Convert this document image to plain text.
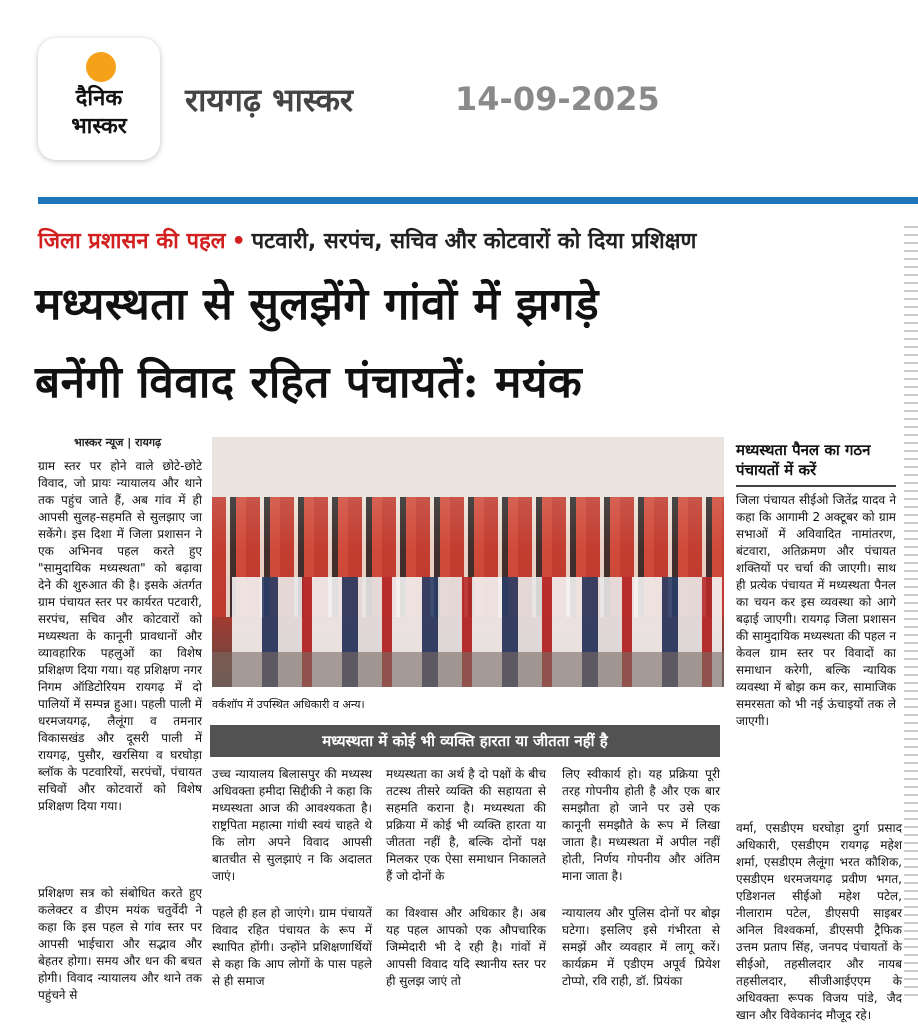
दैनिक
भास्कर
रायगढ़ भास्कर	14-09-2025
जिला प्रशासन की पहल • पटवारी, सरपंच, सचिव और कोटवारों को दिया प्रशिक्षण
मध्यस्थता से सुलझेंगे गांवों में झगड़े
बनेंगी विवाद रहित पंचायतें: मयंक
भास्कर न्यूज | रायगढ़
ग्राम स्तर पर होने वाले छोटे-छोटे विवाद, जो प्रायः न्यायालय और थाने तक पहुंच जाते हैं, अब गांव में ही आपसी सुलह-सहमति से सुलझाए जा सकेंगे। इस दिशा में जिला प्रशासन ने एक अभिनव पहल करते हुए "सामुदायिक मध्यस्थता" को बढ़ावा देने की शुरुआत की है। इसके अंतर्गत ग्राम पंचायत स्तर पर कार्यरत पटवारी, सरपंच, सचिव और कोटवारों को मध्यस्थता के कानूनी प्रावधानों और व्यावहारिक पहलुओं का विशेष प्रशिक्षण दिया गया। यह प्रशिक्षण नगर निगम ऑडिटोरियम रायगढ़ में दो पालियों में सम्पन्न हुआ। पहली पाली में धरमजयगढ़, लैलूंगा व तमनार विकासखंड और दूसरी पाली में रायगढ़, पुसौर, खरसिया व घरघोड़ा ब्लॉक के पटवारियों, सरपंचों, पंचायत सचिवों और कोटवारों को विशेष प्रशिक्षण दिया गया।
प्रशिक्षण सत्र को संबोधित करते हुए कलेक्टर व डीएम मयंक चतुर्वेदी ने कहा कि इस पहल से गांव स्तर पर आपसी भाईचारा और सद्भाव और बेहतर होगा। समय और धन की बचत होगी। विवाद न्यायालय और थाने तक पहुंचने से
वर्कशॉप में उपस्थित अधिकारी व अन्य।
मध्यस्थता में कोई भी व्यक्ति हारता या जीतता नहीं है
उच्च न्यायालय बिलासपुर की मध्यस्थ अधिवक्ता हमीदा सिद्दीकी ने कहा कि मध्यस्थता आज की आवश्यकता है। राष्ट्रपिता महात्मा गांधी स्वयं चाहते थे कि लोग अपने विवाद आपसी बातचीत से सुलझाएं न कि अदालत जाएं।
मध्यस्थता का अर्थ है दो पक्षों के बीच तटस्थ तीसरे व्यक्ति की सहायता से सहमति कराना है। मध्यस्थता की प्रक्रिया में कोई भी व्यक्ति हारता या जीतता नहीं है, बल्कि दोनों पक्ष मिलकर एक ऐसा समाधान निकालते हैं जो दोनों के
लिए स्वीकार्य हो। यह प्रक्रिया पूरी तरह गोपनीय होती है और एक बार समझौता हो जाने पर उसे एक कानूनी समझौते के रूप में लिखा जाता है। मध्यस्थता में अपील नहीं होती, निर्णय गोपनीय और अंतिम माना जाता है।
पहले ही हल हो जाएंगे। ग्राम पंचायतें विवाद रहित पंचायत के रूप में स्थापित होंगी। उन्होंने प्रशिक्षणार्थियों से कहा कि आप लोगों के पास पहले से ही समाज
का विश्वास और अधिकार है। अब यह पहल आपको एक औपचारिक जिम्मेदारी भी दे रही है। गांवों में आपसी विवाद यदि स्थानीय स्तर पर ही सुलझ जाएं तो
न्यायालय और पुलिस दोनों पर बोझ घटेगा। इसलिए इसे गंभीरता से समझें और व्यवहार में लागू करें। कार्यक्रम में एडीएम अपूर्व प्रियेश टोप्पो, रवि राही, डॉ. प्रियंका
मध्यस्थता पैनल का गठन पंचायतों में करें
जिला पंचायत सीईओ जितेंद्र यादव ने कहा कि आगामी 2 अक्टूबर को ग्राम सभाओं में अविवादित नामांतरण, बंटवारा, अतिक्रमण और पंचायत शक्तियों पर चर्चा की जाएगी। साथ ही प्रत्येक पंचायत में मध्यस्थता पैनल का चयन कर इस व्यवस्था को आगे बढ़ाई जाएगी। रायगढ़ जिला प्रशासन की सामुदायिक मध्यस्थता की पहल न केवल ग्राम स्तर पर विवादों का समाधान करेगी, बल्कि न्यायिक व्यवस्था में बोझ कम कर, सामाजिक समरसता को भी नई ऊंचाइयों तक ले जाएगी।
वर्मा, एसडीएम घरघोड़ा दुर्गा प्रसाद अधिकारी, एसडीएम रायगढ़ महेश शर्मा, एसडीएम लैलूंगा भरत कौशिक, एसडीएम धरमजयगढ़ प्रवीण भगत, एडिशनल सीईओ महेश पटेल, नीलाराम पटेल, डीएसपी साइबर अनिल विश्वकर्मा, डीएसपी ट्रैफिक उत्तम प्रताप सिंह, जनपद पंचायतों के सीईओ, तहसीलदार और नायब तहसीलदार, सीजीआईएएम के अधिवक्ता रूपक विजय पांडे, जैद खान और विवेकानंद मौजूद रहे।
